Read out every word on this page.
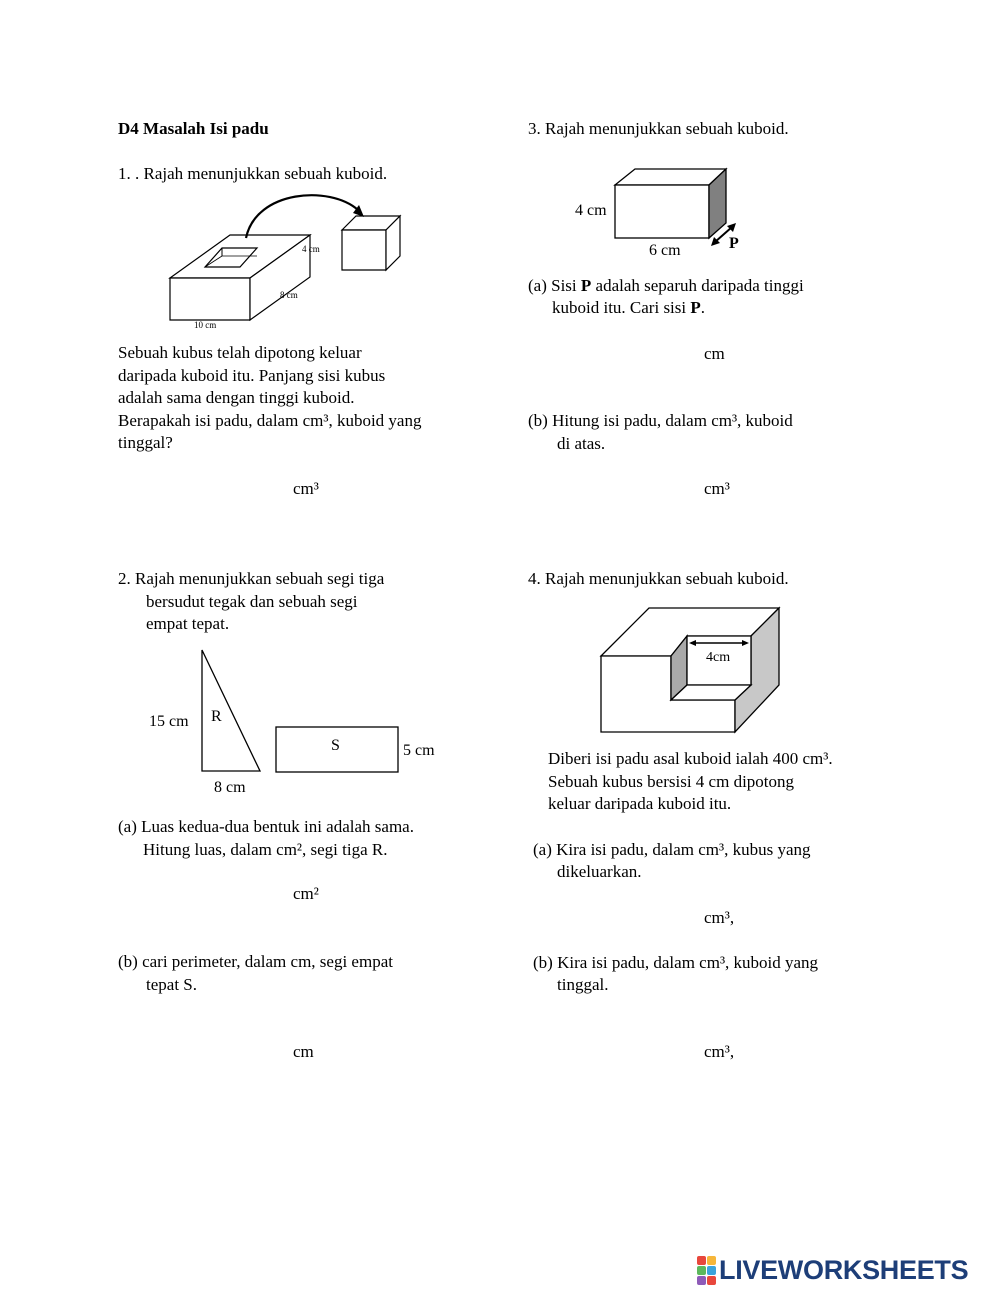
D4 Masalah Isi padu
1. . Rajah menunjukkan sebuah kuboid.
4 cm
8 cm
10 cm
Sebuah kubus telah dipotong keluar
daripada kuboid itu. Panjang sisi kubus
adalah sama dengan tinggi kuboid.
Berapakah isi padu, dalam cm³, kuboid yang
tinggal?
cm³
2. Rajah menunjukkan sebuah segi tiga
bersudut tegak dan sebuah segi
empat tepat.
15 cm R
8 cm
S	5 cm
(a) Luas kedua-dua bentuk ini adalah sama.
Hitung luas, dalam cm², segi tiga R.
cm²
(b) cari perimeter, dalam cm, segi empat
tepat S.
cm
3. Rajah menunjukkan sebuah kuboid.
4 cm
6 cm	P
(a) Sisi P adalah separuh daripada tinggi
kuboid itu. Cari sisi P.
cm
(b) Hitung isi padu, dalam cm³, kuboid
di atas.
cm³
4. Rajah menunjukkan sebuah kuboid.
4cm
Diberi isi padu asal kuboid ialah 400 cm³.
Sebuah kubus bersisi 4 cm dipotong
keluar daripada kuboid itu.
(a) Kira isi padu, dalam cm³, kubus yang
dikeluarkan.
cm³,
(b) Kira isi padu, dalam cm³, kuboid yang
tinggal.
cm³,
LIVEWORKSHEETS
